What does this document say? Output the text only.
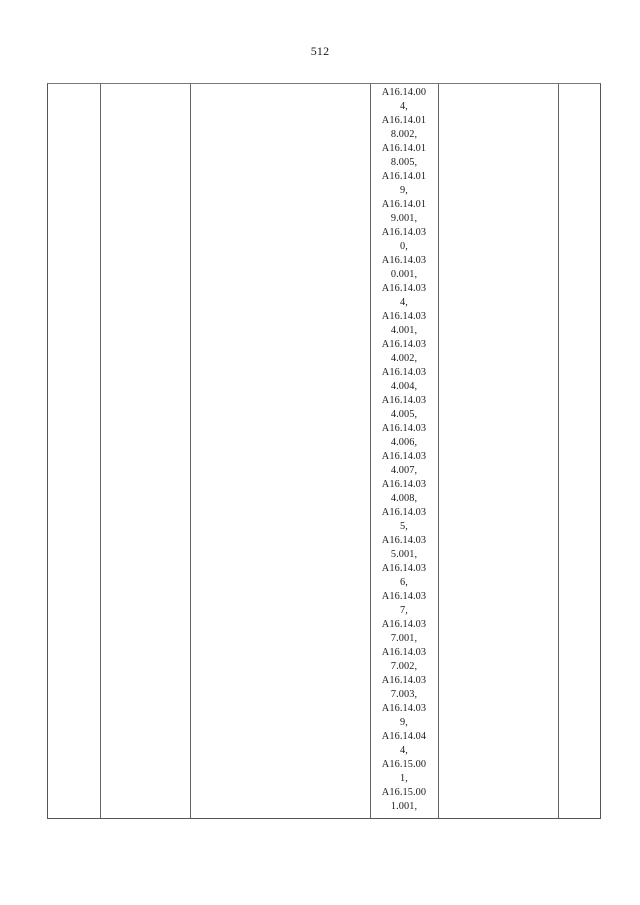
512
A16.14.00
4,
A16.14.01
8.002,
A16.14.01
8.005,
A16.14.01
9,
A16.14.01
9.001,
A16.14.03
0,
A16.14.03
0.001,
A16.14.03
4,
A16.14.03
4.001,
A16.14.03
4.002,
A16.14.03
4.004,
A16.14.03
4.005,
A16.14.03
4.006,
A16.14.03
4.007,
A16.14.03
4.008,
A16.14.03
5,
A16.14.03
5.001,
A16.14.03
6,
A16.14.03
7,
A16.14.03
7.001,
A16.14.03
7.002,
A16.14.03
7.003,
A16.14.03
9,
A16.14.04
4,
A16.15.00
1,
A16.15.00
1.001,
